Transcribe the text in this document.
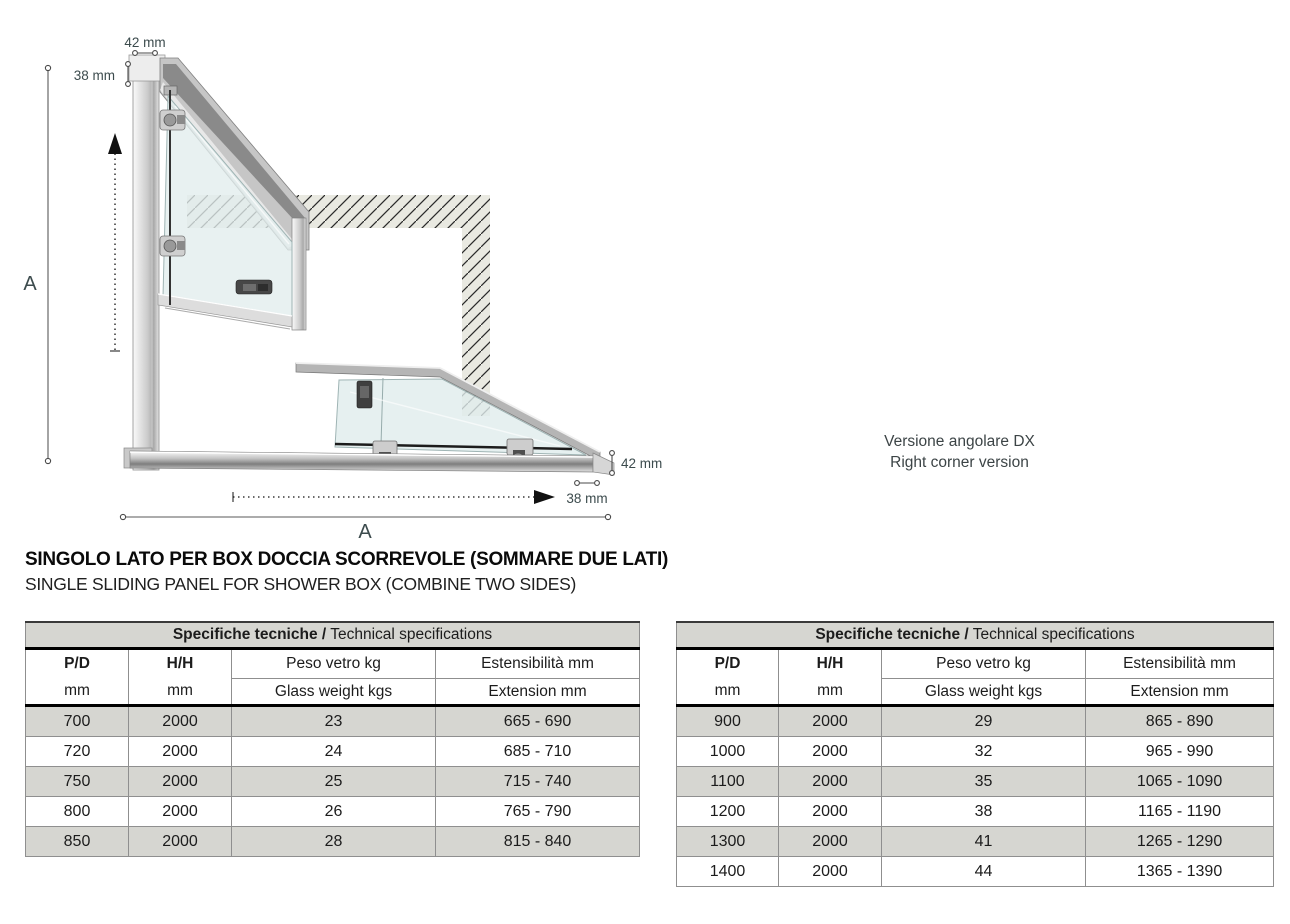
42 mm
38 mm
A
42 mm
38 mm
A
Versione angolare DX
Right corner version
SINGOLO LATO PER BOX DOCCIA SCORREVOLE (SOMMARE DUE LATI)
SINGLE SLIDING PANEL FOR SHOWER BOX (COMBINE TWO SIDES)
Specifiche tecniche / Technical specifications			
P/D	H/H	Peso vetro kg	Estensibilità mm
mm	mm	Glass weight kgs	Extension mm
700	2000	23	665 - 690
720	2000	24	685 - 710
750	2000	25	715 - 740
800	2000	26	765 - 790
850	2000	28	815 - 840
Specifiche tecniche / Technical specifications			
P/D	H/H	Peso vetro kg	Estensibilità mm
mm	mm	Glass weight kgs	Extension mm
900	2000	29	865 - 890
1000	2000	32	965 - 990
1100	2000	35	1065 - 1090
1200	2000	38	1165 - 1190
1300	2000	41	1265 - 1290
1400	2000	44	1365 - 1390
